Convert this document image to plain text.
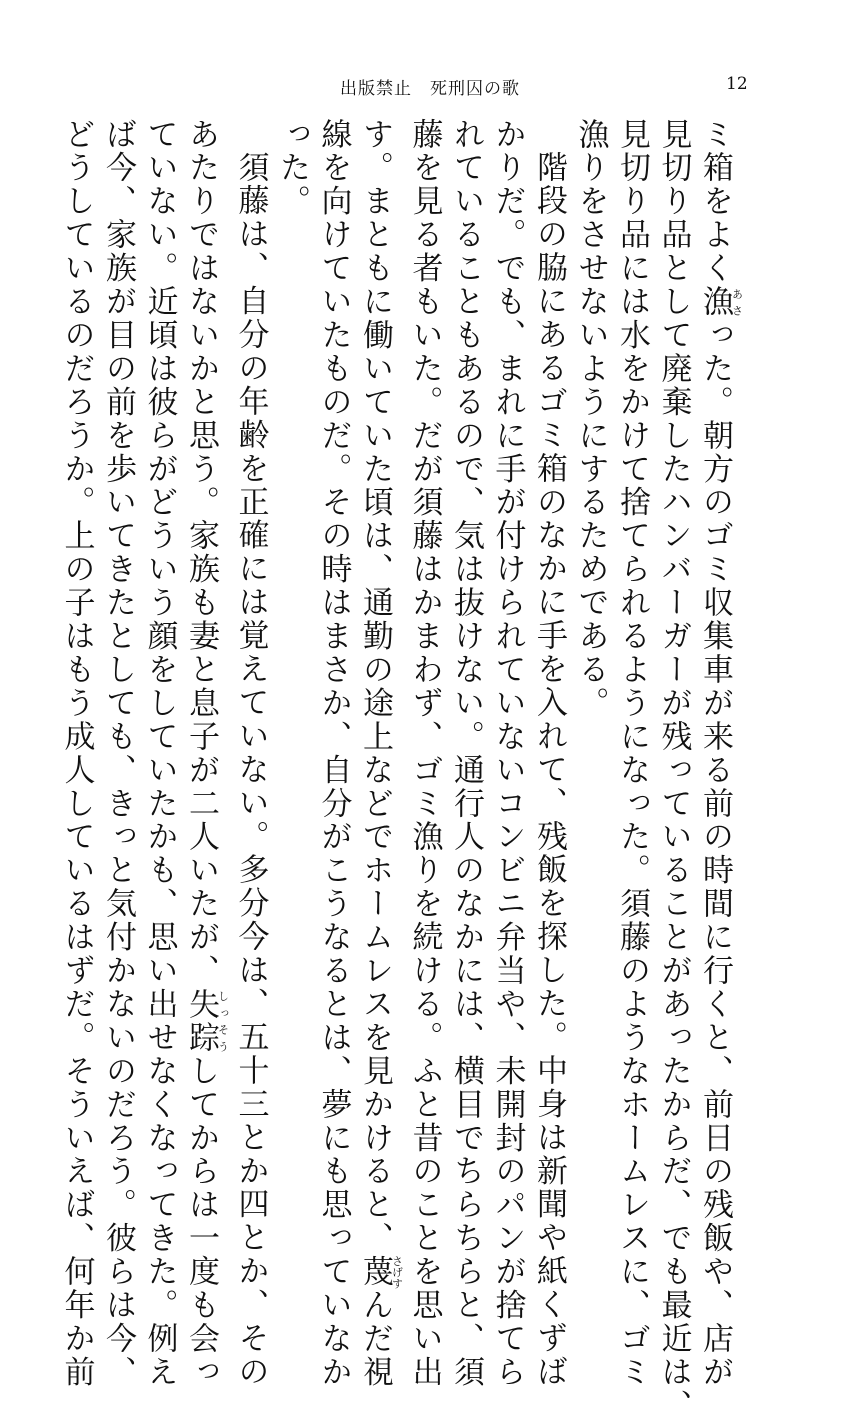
出版禁止　死刑囚の歌	12
ミ箱をよく漁あさった。朝方のゴミ収集車が来る前の時間に行くと、前日の残飯や、店が
見切り品として廃棄したハンバーガーが残っていることがあったからだ、でも最近は、
見切り品には水をかけて捨てられるようになった。須藤のようなホームレスに、ゴミ
漁りをさせないようにするためである。
階段の脇にあるゴミ箱のなかに手を入れて、残飯を探した。中身は新聞や紙くずば
かりだ。でも、まれに手が付けられていないコンビニ弁当や、未開封のパンが捨てら
れていることもあるので、気は抜けない。通行人のなかには、横目でちらちらと、須
藤を見る者もいた。だが須藤はかまわず、ゴミ漁りを続ける。ふと昔のことを思い出
す。まともに働いていた頃は、通勤の途上などでホームレスを見かけると、蔑さげすんだ視
線を向けていたものだ。その時はまさか、自分がこうなるとは、夢にも思っていなか
った。
須藤は、自分の年齢を正確には覚えていない。多分今は、五十三とか四とか、その
あたりではないかと思う。家族も妻と息子が二人いたが、失踪しっそうしてからは一度も会っ
ていない。近頃は彼らがどういう顔をしていたかも、思い出せなくなってきた。例え
ば今、家族が目の前を歩いてきたとしても、きっと気付かないのだろう。彼らは今、
どうしているのだろうか。上の子はもう成人しているはずだ。そういえば、何年か前
